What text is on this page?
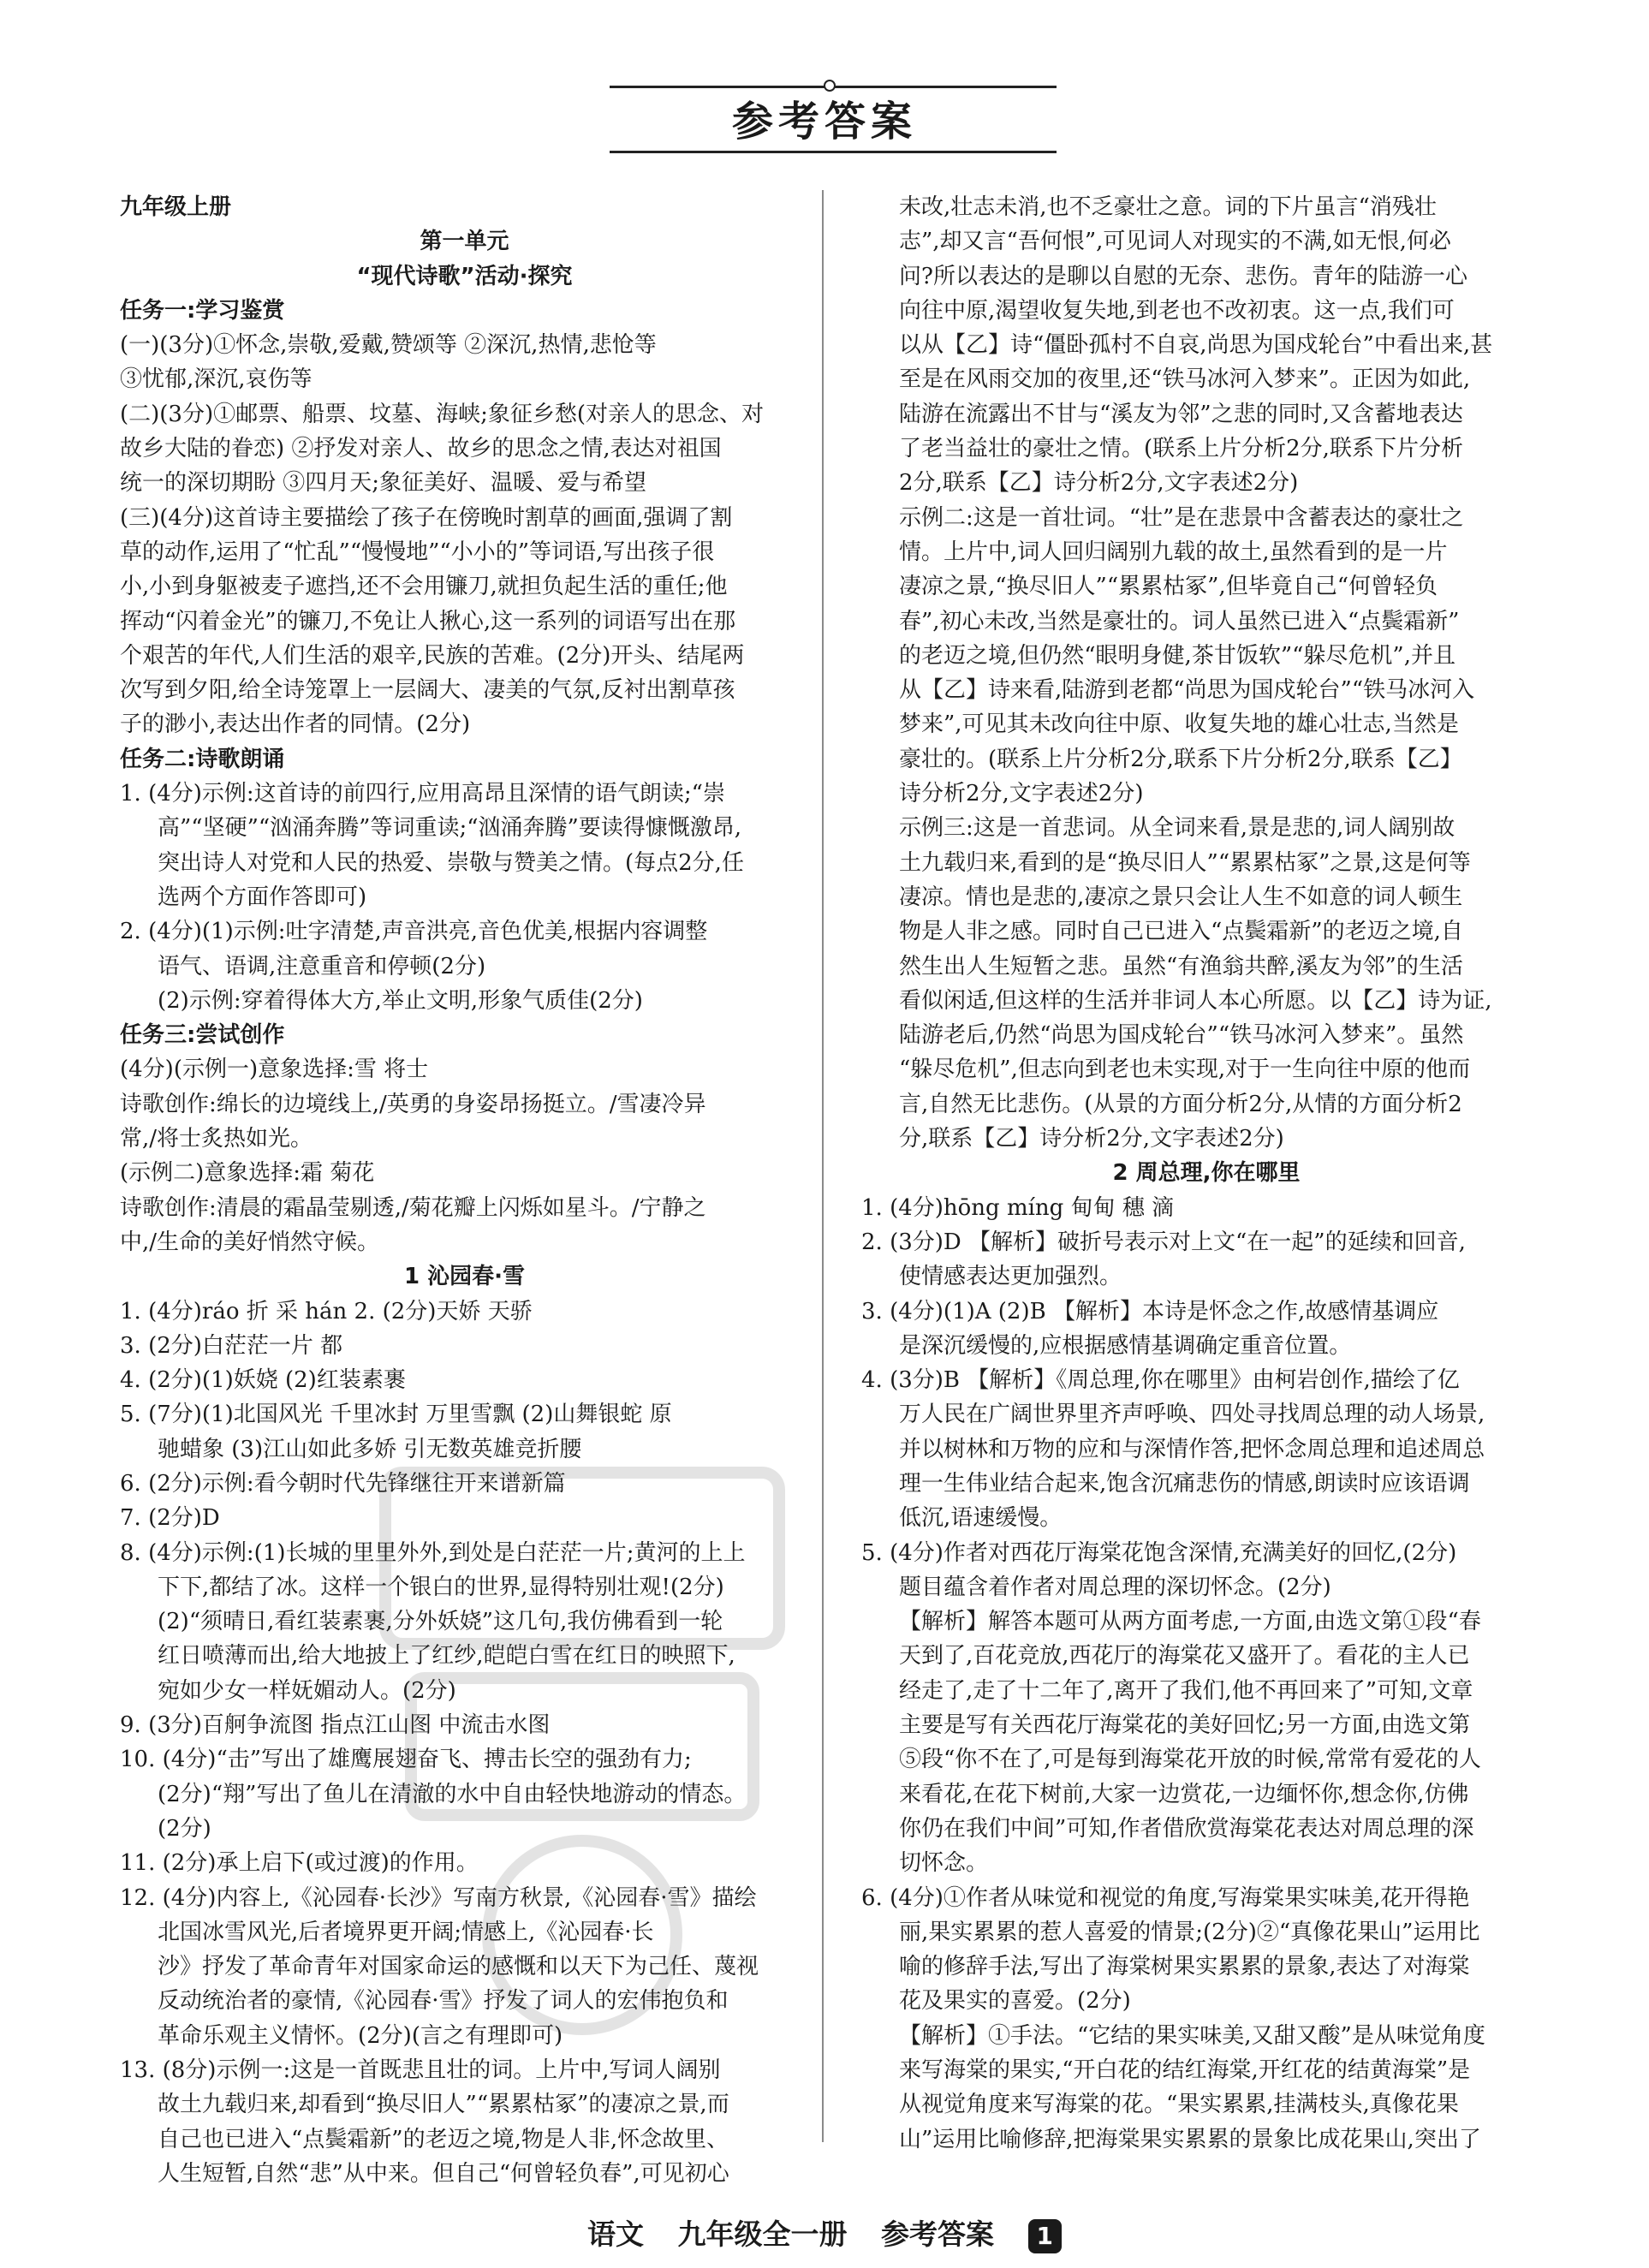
参考答案
九年级上册
第一单元
“现代诗歌”活动·探究
任务一:学习鉴赏
(一)(3分)①怀念,崇敬,爱戴,赞颂等 ②深沉,热情,悲怆等
③忧郁,深沉,哀伤等
(二)(3分)①邮票、船票、坟墓、海峡;象征乡愁(对亲人的思念、对
故乡大陆的眷恋) ②抒发对亲人、故乡的思念之情,表达对祖国
统一的深切期盼 ③四月天;象征美好、温暖、爱与希望
(三)(4分)这首诗主要描绘了孩子在傍晚时割草的画面,强调了割
草的动作,运用了“忙乱”“慢慢地”“小小的”等词语,写出孩子很
小,小到身躯被麦子遮挡,还不会用镰刀,就担负起生活的重任;他
挥动“闪着金光”的镰刀,不免让人揪心,这一系列的词语写出在那
个艰苦的年代,人们生活的艰辛,民族的苦难。(2分)开头、结尾两
次写到夕阳,给全诗笼罩上一层阔大、凄美的气氛,反衬出割草孩
子的渺小,表达出作者的同情。(2分)
任务二:诗歌朗诵
1. (4分)示例:这首诗的前四行,应用高昂且深情的语气朗读;“崇
高”“坚硬”“汹涌奔腾”等词重读;“汹涌奔腾”要读得慷慨激昂,
突出诗人对党和人民的热爱、崇敬与赞美之情。(每点2分,任
选两个方面作答即可)
2. (4分)(1)示例:吐字清楚,声音洪亮,音色优美,根据内容调整
语气、语调,注意重音和停顿(2分)
(2)示例:穿着得体大方,举止文明,形象气质佳(2分)
任务三:尝试创作
(4分)(示例一)意象选择:雪 将士
诗歌创作:绵长的边境线上,/英勇的身姿昂扬挺立。/雪凄冷异
常,/将士炙热如光。
(示例二)意象选择:霜 菊花
诗歌创作:清晨的霜晶莹剔透,/菊花瓣上闪烁如星斗。/宁静之
中,/生命的美好悄然守候。
1 沁园春·雪
1. (4分)ráo 折 采 hán 2. (2分)天娇 天骄
3. (2分)白茫茫一片 都
4. (2分)(1)妖娆 (2)红装素裹
5. (7分)(1)北国风光 千里冰封 万里雪飘 (2)山舞银蛇 原
驰蜡象 (3)江山如此多娇 引无数英雄竞折腰
6. (2分)示例:看今朝时代先锋继往开来谱新篇
7. (2分)D
8. (4分)示例:(1)长城的里里外外,到处是白茫茫一片;黄河的上上
下下,都结了冰。这样一个银白的世界,显得特别壮观!(2分)
(2)“须晴日,看红装素裹,分外妖娆”这几句,我仿佛看到一轮
红日喷薄而出,给大地披上了红纱,皑皑白雪在红日的映照下,
宛如少女一样妩媚动人。(2分)
9. (3分)百舸争流图 指点江山图 中流击水图
10. (4分)“击”写出了雄鹰展翅奋飞、搏击长空的强劲有力;
(2分)“翔”写出了鱼儿在清澈的水中自由轻快地游动的情态。
(2分)
11. (2分)承上启下(或过渡)的作用。
12. (4分)内容上,《沁园春·长沙》写南方秋景,《沁园春·雪》描绘
北国冰雪风光,后者境界更开阔;情感上,《沁园春·长
沙》抒发了革命青年对国家命运的感慨和以天下为己任、蔑视
反动统治者的豪情,《沁园春·雪》抒发了词人的宏伟抱负和
革命乐观主义情怀。(2分)(言之有理即可)
13. (8分)示例一:这是一首既悲且壮的词。上片中,写词人阔别
故土九载归来,却看到“换尽旧人”“累累枯冢”的凄凉之景,而
自己也已进入“点鬓霜新”的老迈之境,物是人非,怀念故里、
人生短暂,自然“悲”从中来。但自己“何曾轻负春”,可见初心
未改,壮志未消,也不乏豪壮之意。词的下片虽言“消残壮
志”,却又言“吾何恨”,可见词人对现实的不满,如无恨,何必
问?所以表达的是聊以自慰的无奈、悲伤。青年的陆游一心
向往中原,渴望收复失地,到老也不改初衷。这一点,我们可
以从【乙】诗“僵卧孤村不自哀,尚思为国戍轮台”中看出来,甚
至是在风雨交加的夜里,还“铁马冰河入梦来”。正因为如此,
陆游在流露出不甘与“溪友为邻”之悲的同时,又含蓄地表达
了老当益壮的豪壮之情。(联系上片分析2分,联系下片分析
2分,联系【乙】诗分析2分,文字表述2分)
示例二:这是一首壮词。“壮”是在悲景中含蓄表达的豪壮之
情。上片中,词人回归阔别九载的故土,虽然看到的是一片
凄凉之景,“换尽旧人”“累累枯冢”,但毕竟自己“何曾轻负
春”,初心未改,当然是豪壮的。词人虽然已进入“点鬓霜新”
的老迈之境,但仍然“眼明身健,茶甘饭软”“躲尽危机”,并且
从【乙】诗来看,陆游到老都“尚思为国戍轮台”“铁马冰河入
梦来”,可见其未改向往中原、收复失地的雄心壮志,当然是
豪壮的。(联系上片分析2分,联系下片分析2分,联系【乙】
诗分析2分,文字表述2分)
示例三:这是一首悲词。从全词来看,景是悲的,词人阔别故
土九载归来,看到的是“换尽旧人”“累累枯冢”之景,这是何等
凄凉。情也是悲的,凄凉之景只会让人生不如意的词人顿生
物是人非之感。同时自己已进入“点鬓霜新”的老迈之境,自
然生出人生短暂之悲。虽然“有渔翁共醉,溪友为邻”的生活
看似闲适,但这样的生活并非词人本心所愿。以【乙】诗为证,
陆游老后,仍然“尚思为国戍轮台”“铁马冰河入梦来”。虽然
“躲尽危机”,但志向到老也未实现,对于一生向往中原的他而
言,自然无比悲伤。(从景的方面分析2分,从情的方面分析2
分,联系【乙】诗分析2分,文字表述2分)
2 周总理,你在哪里
1. (4分)hōng míng 甸甸 穗 滴
2. (3分)D 【解析】破折号表示对上文“在一起”的延续和回音,
使情感表达更加强烈。
3. (4分)(1)A (2)B 【解析】本诗是怀念之作,故感情基调应
是深沉缓慢的,应根据感情基调确定重音位置。
4. (3分)B 【解析】《周总理,你在哪里》由柯岩创作,描绘了亿
万人民在广阔世界里齐声呼唤、四处寻找周总理的动人场景,
并以树林和万物的应和与深情作答,把怀念周总理和追述周总
理一生伟业结合起来,饱含沉痛悲伤的情感,朗读时应该语调
低沉,语速缓慢。
5. (4分)作者对西花厅海棠花饱含深情,充满美好的回忆,(2分)
题目蕴含着作者对周总理的深切怀念。(2分)
【解析】解答本题可从两方面考虑,一方面,由选文第①段“春
天到了,百花竞放,西花厅的海棠花又盛开了。看花的主人已
经走了,走了十二年了,离开了我们,他不再回来了”可知,文章
主要是写有关西花厅海棠花的美好回忆;另一方面,由选文第
⑤段“你不在了,可是每到海棠花开放的时候,常常有爱花的人
来看花,在花下树前,大家一边赏花,一边缅怀你,想念你,仿佛
你仍在我们中间”可知,作者借欣赏海棠花表达对周总理的深
切怀念。
6. (4分)①作者从味觉和视觉的角度,写海棠果实味美,花开得艳
丽,果实累累的惹人喜爱的情景;(2分)②“真像花果山”运用比
喻的修辞手法,写出了海棠树果实累累的景象,表达了对海棠
花及果实的喜爱。(2分)
【解析】①手法。“它结的果实味美,又甜又酸”是从味觉角度
来写海棠的果实,“开白花的结红海棠,开红花的结黄海棠”是
从视觉角度来写海棠的花。“果实累累,挂满枝头,真像花果
山”运用比喻修辞,把海棠果实累累的景象比成花果山,突出了
语文 九年级全一册 参考答案 1
